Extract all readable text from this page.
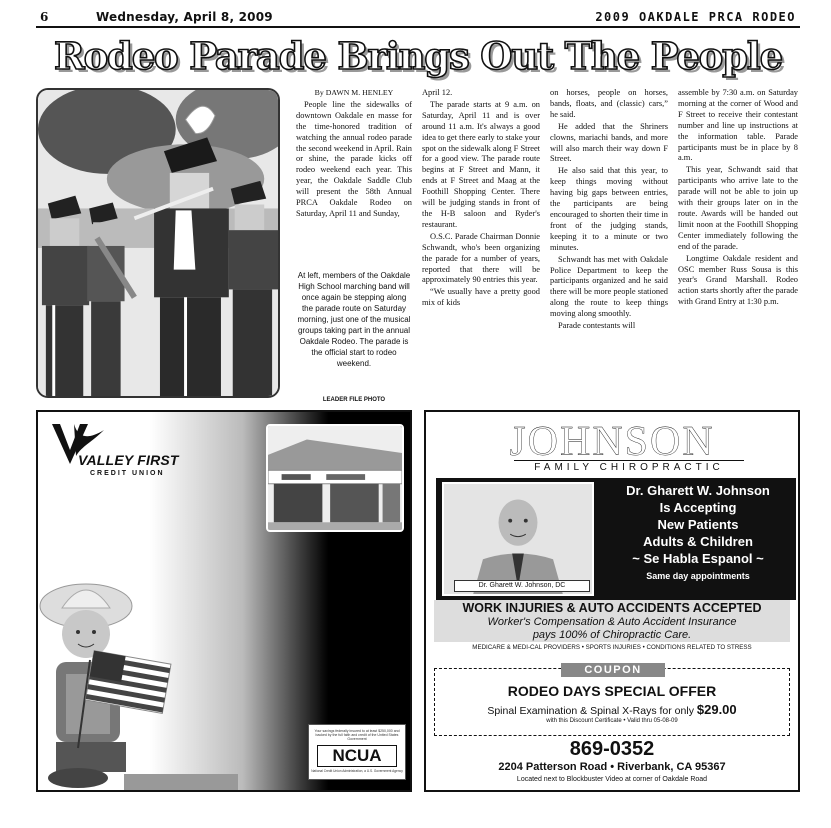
6	Wednesday, April 8, 2009	2009 OAKDALE PRCA RODEO
Rodeo Parade Brings Out The People
By DAWN M. HENLEY

People line the sidewalks of downtown Oakdale en masse for the time-honored tradition of watching the annual rodeo parade the second weekend in April. Rain or shine, the parade kicks off rodeo weekend each year. This year, the Oakdale Saddle Club will present the 58th Annual PRCA Oakdale Rodeo on Saturday, April 11 and Sunday,

At left, members of the Oakdale High School marching band will once again be stepping along the parade route on Saturday morning, just one of the musical groups taking part in the annual Oakdale Rodeo. The parade is the official start to rodeo weekend.
LEADER FILE PHOTO

April 12.

The parade starts at 9 a.m. on Saturday, April 11 and is over around 11 a.m. It's always a good idea to get there early to stake your spot on the sidewalk along F Street for a good view. The parade route begins at F Street and Mann, it ends at F Street and Maag at the Foothill Shopping Center. There will be judging stands in front of the H-B saloon and Ryder's restaurant.

O.S.C. Parade Chairman Donnie Schwandt, who's been organizing the parade for a number of years, reported that there will be approximately 90 entries this year.

“We usually have a pretty good mix of kids

on horses, people on horses, bands, floats, and (classic) cars,” he said.

He added that the Shriners clowns, mariachi bands, and more will also march their way down F Street.

He also said that this year, to keep things moving without having big gaps between entries, the participants are being encouraged to shorten their time in front of the judging stands, keeping it to a minute or two minutes.

Schwandt has met with Oakdale Police Department to keep the participants organized and he said there will be more people stationed along the route to keep things moving along smoothly.

Parade contestants will

assemble by 7:30 a.m. on Saturday morning at the corner of Wood and F Street to receive their contestant number and line up instructions at the information table. Parade participants must be in place by 8 a.m.

This year, Schwandt said that participants who arrive late to the parade will not be able to join up with their groups later on in the route. Awards will be handed out limit noon at the Foothill Shopping Center immediately following the end of the parade.

Longtime Oakdale resident and OSC member Russ Sousa is this year's Grand Marshall. Rodeo action starts shortly after the parade with Grand Entry at 1:30 p.m.

VALLEY FIRST
CREDIT UNION
Your savings federally insured to at least $250,000 and backed by the full faith and credit of the United States Government
NCUA
National Credit Union Administration, a U.S. Government Agency
JOHNSON
FAMILY CHIROPRACTIC
Dr. Gharett W. Johnson, DC
Dr. Gharett W. Johnson
Is Accepting
New Patients
Adults & Children
~ Se Habla Espanol ~
Same day appointments
WORK INJURIES & AUTO ACCIDENTS ACCEPTED
Worker's Compensation & Auto Accident Insurance
pays 100% of Chiropractic Care.
MEDICARE & MEDI-CAL PROVIDERS • SPORTS INJURIES • CONDITIONS RELATED TO STRESS
COUPON
RODEO DAYS SPECIAL OFFER
Spinal Examination & Spinal X-Rays for only $29.00
with this Discount Certificate • Valid thru 05-08-09
869-0352
2204 Patterson Road • Riverbank, CA 95367
Located next to Blockbuster Video at corner of Oakdale Road
